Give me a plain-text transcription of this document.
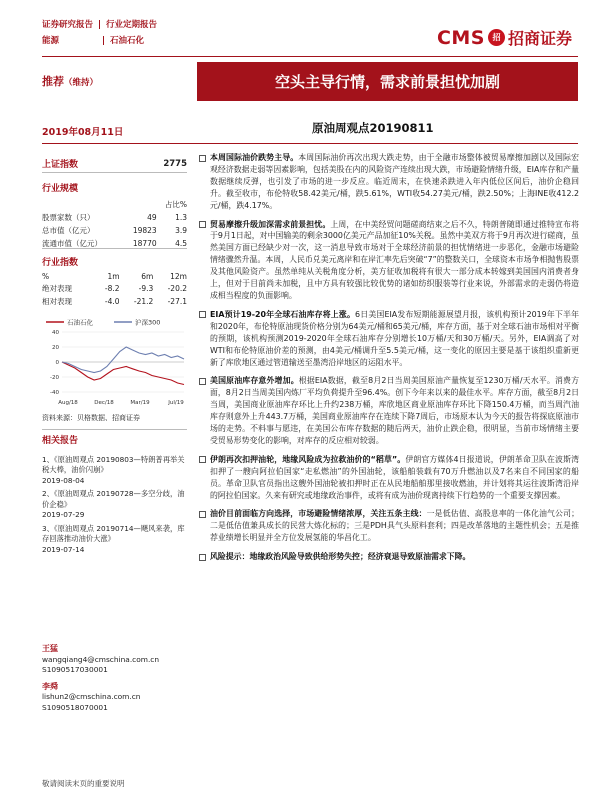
证券研究报告 行业定期报告
能源	石油石化	CMS 招 招商证券
推荐（维持）	空头主导行情，需求前景担忧加剧
2019年08月11日	原油周观点20190811
上证指数	2775
行业规模
		占比%
股票家数（只）	49	1.3
总市值（亿元）	19823	3.9
流通市值（亿元）	18770	4.5
行业指数
%	1m	6m	12m
绝对表现	-8.2	-9.3	-20.2
相对表现	-4.0	-21.2	-27.1
石油石化	沪深300
40
20
0
-20
-40
Aug/18	Dec/18	Mar/19	Jul/19
资料来源：贝格数据、招商证券
相关报告
1、《原油周观点 20190803—特朗普再举关税大棒，油价闪崩》
2019-08-04
2、《原油周观点 20190728—多空分歧，油价企稳》
2019-07-29
3、《原油周观点 20190714—飓风来袭，库存回落推动油价大涨》
2019-07-14
王猛
wangqiang4@cmschina.com.cn
S1090517030001
李舜
lishun2@cmschina.com.cn
S1090518070001
本周国际油价跌势主导。本周国际油价再次出现大跌走势，由于全融市场整体被贸易摩擦加剧以及国际宏观经济数据走弱等因素影响，包括美股在内的风险资产连续出现大跌，市场避险情绪升级，EIA库存和产量数据继续反弹，也引发了市场的进一步反应。临近周末，在快速杀跌进入年内低位区间后，油价企稳回升。截至收市，布伦特收58.42美元/桶，跌5.61%，WTI收54.27美元/桶，跌2.50%；上海INE收412.2元/桶，跌4.17%。
贸易摩擦升级加深需求前景担忧。上周，在中美经贸问题磋商结束之后不久，特朗普随即通过推特宣布将于9月1日起，对中国输美的剩余3000亿美元产品加征10%关税。虽然中美双方将于9月再次进行磋商，虽然美国方面已经缺少对一次，这一消息导致市场对于全球经济前景的担忧情绪进一步恶化，金融市场避险情绪骤然升温。本周，人民币兑美元离岸和在岸汇率先后突破“7”的整数关口，全球资本市场争相抛售股票及其他风险资产。虽然单纯从关税角度分析，美方征收加税将有很大一部分成本转嫁到美国国内消费者身上，但对于目前尚未加税，且中方具有较强比较优势的诸如纺织服装等行业来说，外部需求的走弱仍将造成相当程度的负面影响。
EIA预计19-20年全球石油库存将上涨。6日美国EIA发布短期能源展望月报，该机构预计2019年下半年和2020年，布伦特原油现货价格分别为64美元/桶和65美元/桶，库存方面，基于对全球石油市场相对平衡的预期，该机构预测2019-2020年全球石油库存分别增长10万桶/天和30万桶/天。另外，EIA调高了对WTI和布伦特原油价差的预测，由4美元/桶调升至5.5美元/桶，这一变化的原因主要是基于该组织重新更新了库欣地区通过管道输送至墨湾沿岸地区的运阻水平。
美国原油库存意外增加。根据EIA数据，截至8月2日当周美国原油产量恢复至1230万桶/天水平。消费方面，8月2日当周美国内炼厂平均负荷提升至96.4%。创下今年来以来的最佳水平。库存方面，截至8月2日当周，美国商业原油库存环比上升约238万桶，库欣地区商业原油库存环比下降150.4万桶，而当周汽油库存则意外上升443.7万桶，美国商业原油库存在连续下降7周后，市场原本认为今天的报告将探底原油市场的走势。不料事与愿违，在美国公布库存数据的随后两天，油价止跌企稳，很明显，当前市场情绪主要受贸易形势变化的影响，对库存的反应相对较弱。
伊朗再次扣押油轮，地缘风险成为拉救油价的“稻草”。伊朗官方媒体4日报道说，伊朗革命卫队在波斯湾扣押了一艘向阿拉伯国家“走私燃油”的外国油轮，该船舶装载有70万升燃油以及7名来自不同国家的船员。革命卫队官员指出这艘外国油轮被扣押时正在从民地船舶那里接收燃油，并计划将其运往波斯湾沿岸的阿拉伯国家。久来有研究或地缘政治事件，或将有成为油价现离持续下行趋势的一个重要支撑因素。
油价目前面临方向选择，市场避险情绪浓厚，关注五条主线：一是低估值、高股息率的一体化油气公司；二是低估值兼具成长的民营大炼化标的；三是PDH具气头原料套利；四是改革落地的主题性机会；五是推荐业绩增长明显并全方位发展氢能的华昌化工。
风险提示：地缘政治风险导致供给形势失控；经济衰退导致原油需求下降。
敬请阅读末页的重要说明
